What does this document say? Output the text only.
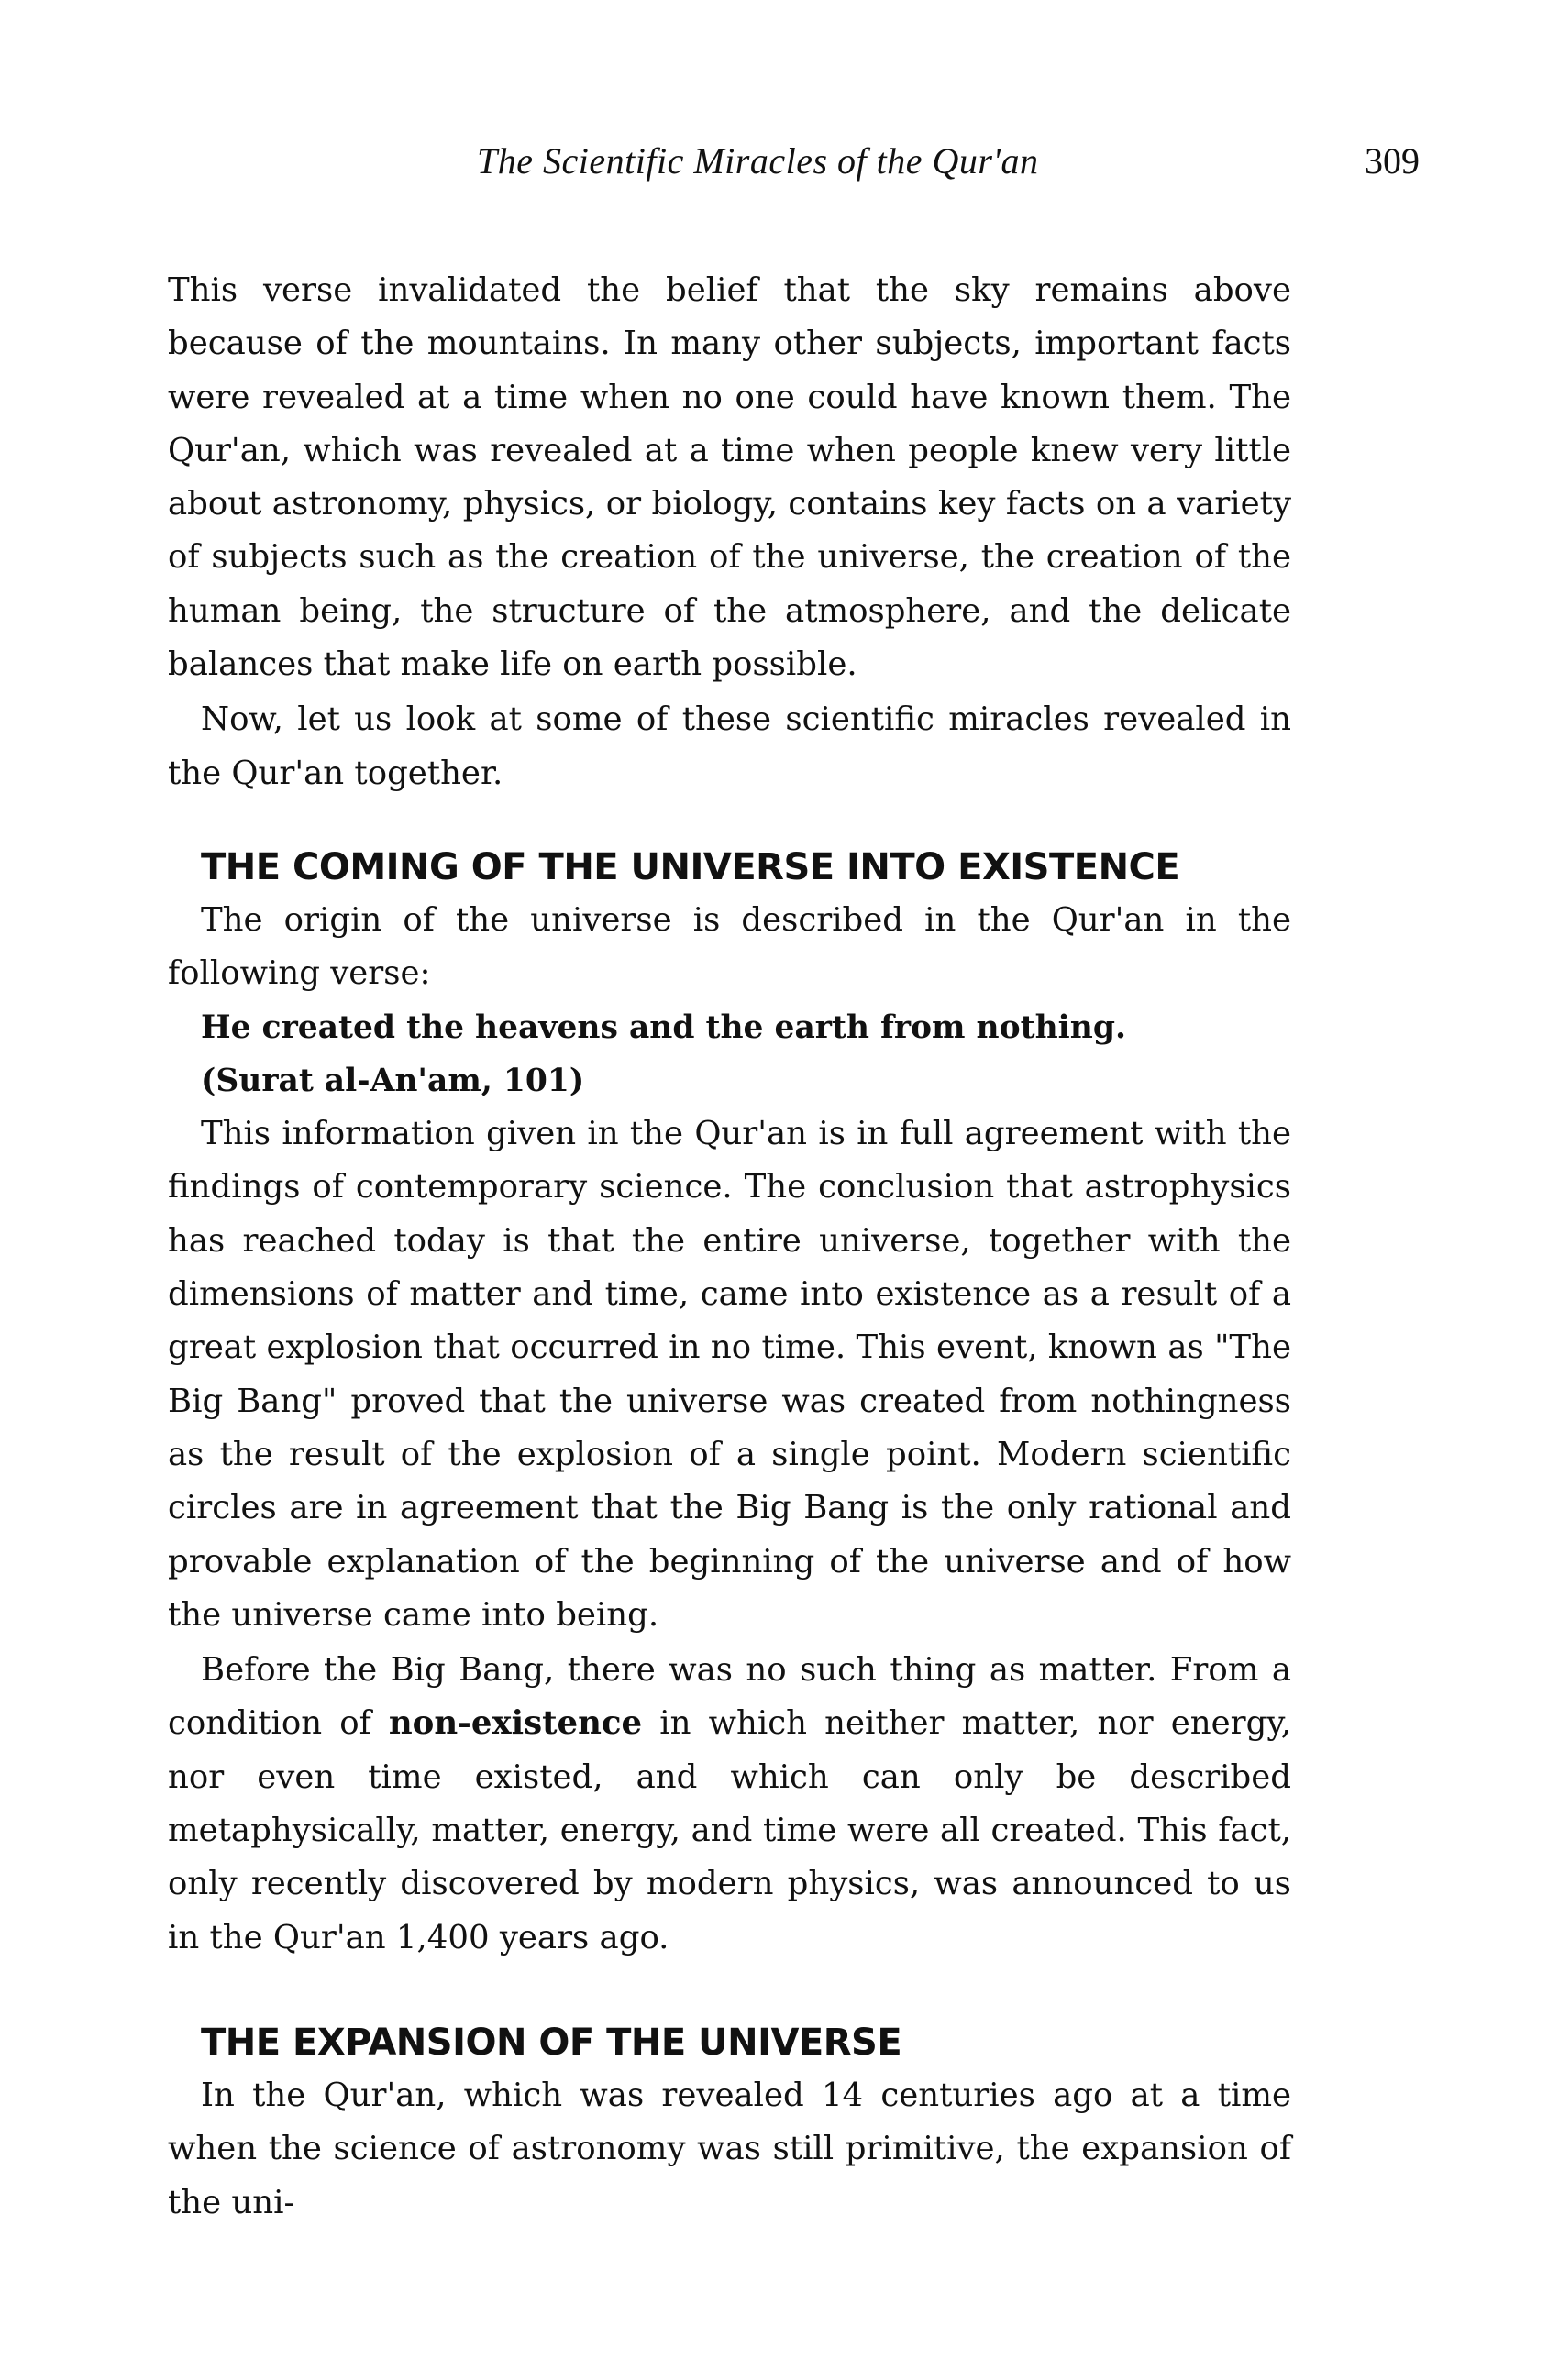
The Scientific Miracles of the Qur'an	309

This verse invalidated the belief that the sky remains above because of the mountains. In many other subjects, important facts were revealed at a time when no one could have known them. The Qur'an, which was revealed at a time when people knew very little about astronomy, physics, or biology, contains key facts on a variety of subjects such as the creation of the universe, the creation of the human being, the structure of the atmosphere, and the delicate balances that make life on earth possible.

Now, let us look at some of these scientific miracles revealed in the Qur'an together.

THE COMING OF THE UNIVERSE INTO EXISTENCE

The origin of the universe is described in the Qur'an in the following verse:

He created the heavens and the earth from nothing.
(Surat al-An'am, 101)

This information given in the Qur'an is in full agreement with the findings of contemporary science. The conclusion that astrophysics has reached today is that the entire universe, together with the dimensions of matter and time, came into existence as a result of a great explosion that occurred in no time. This event, known as "The Big Bang" proved that the universe was created from nothingness as the result of the explosion of a single point. Modern scientific circles are in agreement that the Big Bang is the only rational and provable explanation of the beginning of the universe and of how the universe came into being.

Before the Big Bang, there was no such thing as matter. From a condition of non-existence in which neither matter, nor energy, nor even time existed, and which can only be described metaphysically, matter, energy, and time were all created. This fact, only recently discovered by modern physics, was announced to us in the Qur'an 1,400 years ago.

THE EXPANSION OF THE UNIVERSE

In the Qur'an, which was revealed 14 centuries ago at a time when the science of astronomy was still primitive, the expansion of the uni-
